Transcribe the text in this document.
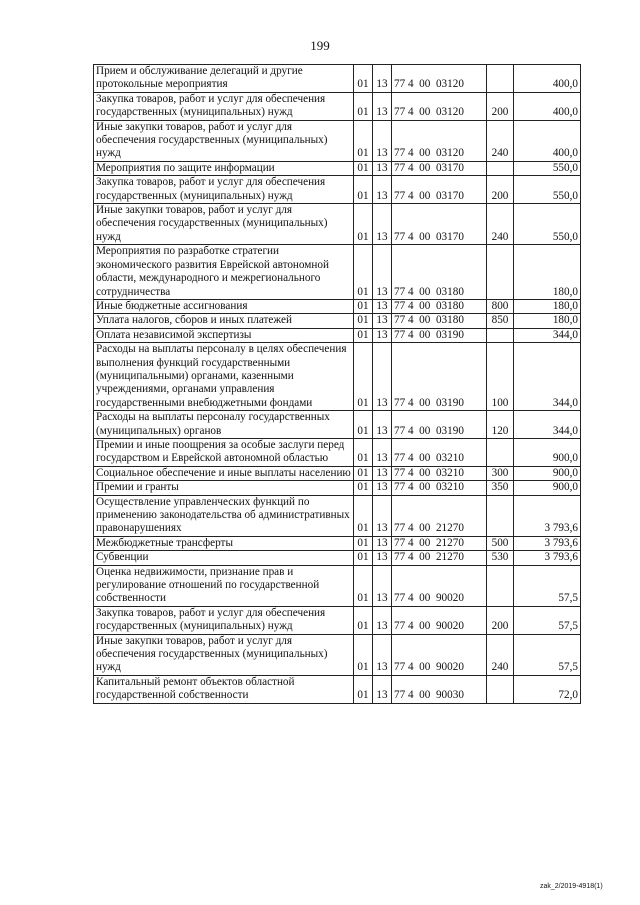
199
Прием и обслуживание делегаций и другие протокольные мероприятия	01	13	77 4  00  03120		400,0
Закупка товаров, работ и услуг для обеспечения государственных (муниципальных) нужд	01	13	77 4  00  03120	200	400,0
Иные закупки товаров, работ и услуг для обеспечения государственных (муниципальных) нужд	01	13	77 4  00  03120	240	400,0
Мероприятия по защите информации	01	13	77 4  00  03170		550,0
Закупка товаров, работ и услуг для обеспечения государственных (муниципальных) нужд	01	13	77 4  00  03170	200	550,0
Иные закупки товаров, работ и услуг для обеспечения государственных (муниципальных) нужд	01	13	77 4  00  03170	240	550,0
Мероприятия по разработке стратегии экономического развития Еврейской автономной области, международного и межрегионального сотрудничества	01	13	77 4  00  03180		180,0
Иные бюджетные ассигнования	01	13	77 4  00  03180	800	180,0
Уплата налогов, сборов и иных платежей	01	13	77 4  00  03180	850	180,0
Оплата независимой экспертизы	01	13	77 4  00  03190		344,0
Расходы на выплаты персоналу в целях обеспечения выполнения функций государственными (муниципальными) органами, казенными учреждениями, органами управления государственными внебюджетными фондами	01	13	77 4  00  03190	100	344,0
Расходы на выплаты персоналу государственных (муниципальных) органов	01	13	77 4  00  03190	120	344,0
Премии и иные поощрения за особые заслуги перед государством и Еврейской автономной областью	01	13	77 4  00  03210		900,0
Социальное обеспечение и иные выплаты населению	01	13	77 4  00  03210	300	900,0
Премии и гранты	01	13	77 4  00  03210	350	900,0
Осуществление управленческих функций по применению законодательства об административных правонарушениях	01	13	77 4  00  21270		3 793,6
Межбюджетные трансферты	01	13	77 4  00  21270	500	3 793,6
Субвенции	01	13	77 4  00  21270	530	3 793,6
Оценка недвижимости, признание прав и регулирование отношений по государственной собственности	01	13	77 4  00  90020		57,5
Закупка товаров, работ и услуг для обеспечения государственных (муниципальных) нужд	01	13	77 4  00  90020	200	57,5
Иные закупки товаров, работ и услуг для обеспечения государственных (муниципальных) нужд	01	13	77 4  00  90020	240	57,5
Капитальный ремонт объектов областной государственной собственности	01	13	77 4  00  90030		72,0
zak_2/2019-4918(1)
